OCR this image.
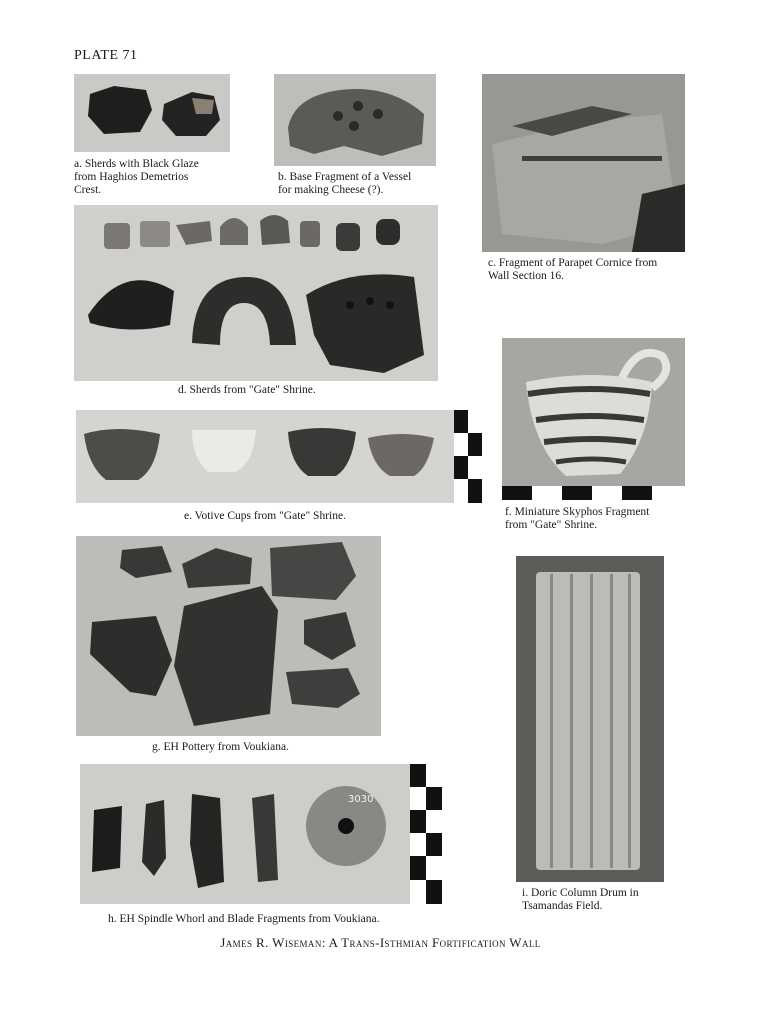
PLATE 71
a. Sherds with Black Glaze
from Haghios Demetrios
Crest.
b. Base Fragment of a Vessel
for making Cheese (?).
c. Fragment of Parapet Cornice from
Wall Section 16.
d. Sherds from "Gate" Shrine.
e. Votive Cups from "Gate" Shrine.	f. Miniature Skyphos Fragment
from "Gate" Shrine.
g. EH Pottery from Voukiana.
3030
h. EH Spindle Whorl and Blade Fragments from Voukiana.
i. Doric Column Drum in
Tsamandas Field.
James R. Wiseman: A Trans-Isthmian Fortification Wall
